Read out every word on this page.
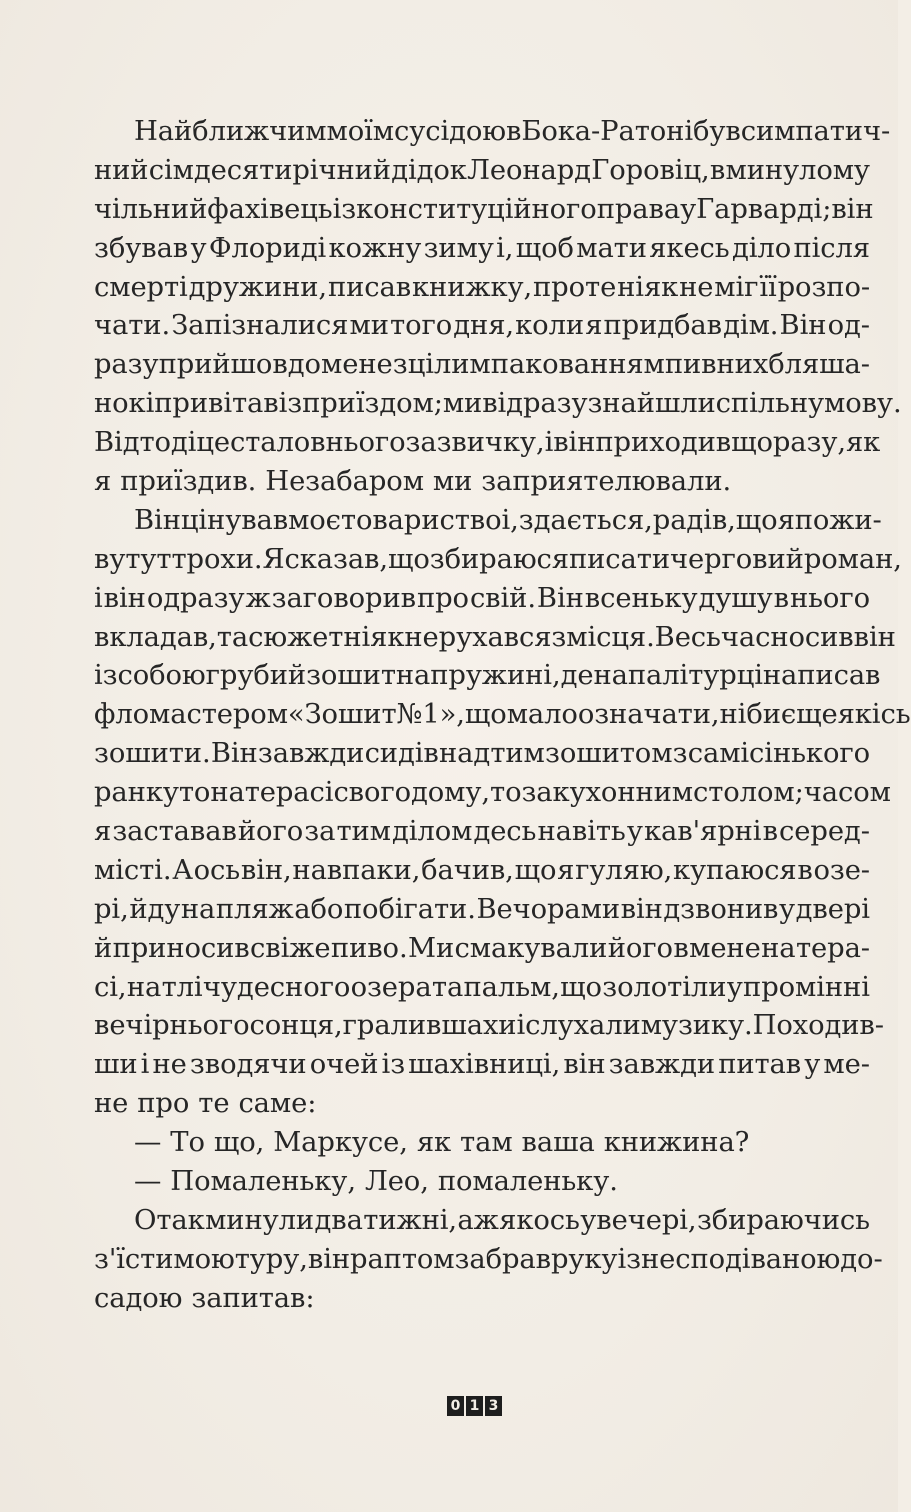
Найближчим моїм сусідою в Бока-Ратоні був симпатич-
ний сімдесятирічний дідок Леонард Горовіц, в минулому
чільний фахівець із конституційного права у Гарварді; він
збував у Флориді кожну зиму і, щоб мати якесь діло після
смерті дружини, писав книжку, проте ніяк не міг її розпо-
чати. Запізналися ми того дня, коли я придбав дім. Він од-
разу прийшов до мене з цілим пакованням пивних бляша-
нок і привітав із приїздом; ми відразу знайшли спільну мову.
Відтоді це стало в нього за звичку, і він приходив щоразу, як
я приїздив. Незабаром ми заприятелювали.
Він цінував моє товариство і, здається, радів, що я пожи-
ву тут трохи. Я сказав, що збираюся писати черговий роман,
і він одразу ж заговорив про свій. Він всеньку душу в нього
вкладав, та сюжет ніяк не рухався з місця. Весь час носив він
із собою грубий зошит на пружині, де на палітурці написав
фломастером «Зошит №1», що мало означати, ніби є ще якісь
зошити. Він завжди сидів над тим зошитом з самісінького
ранку то на терасі свого дому, то за кухонним столом; часом
я заставав його за тим ділом десь навіть у кав'ярні в серед-
місті. А ось він, навпаки, бачив, що я гуляю, купаюся в озе-
рі, йду на пляж або побігати. Вечорами він дзвонив у двері
й приносив свіже пиво. Ми смакували його в мене на тера-
сі, на тлі чудесного озера та пальм, що золотіли у промінні
вечірнього сонця, грали в шахи і слухали музику. Походив-
ши і не зводячи очей із шахівниці, він завжди питав у ме-
не про те саме:
— То що, Маркусе, як там ваша книжина?
— Помаленьку, Лео, помаленьку.
Отак минули два тижні, аж якось увечері, збираючись
з'їсти мою туру, він раптом забрав руку і з несподіваною до-
садою запитав:
0 1 3
